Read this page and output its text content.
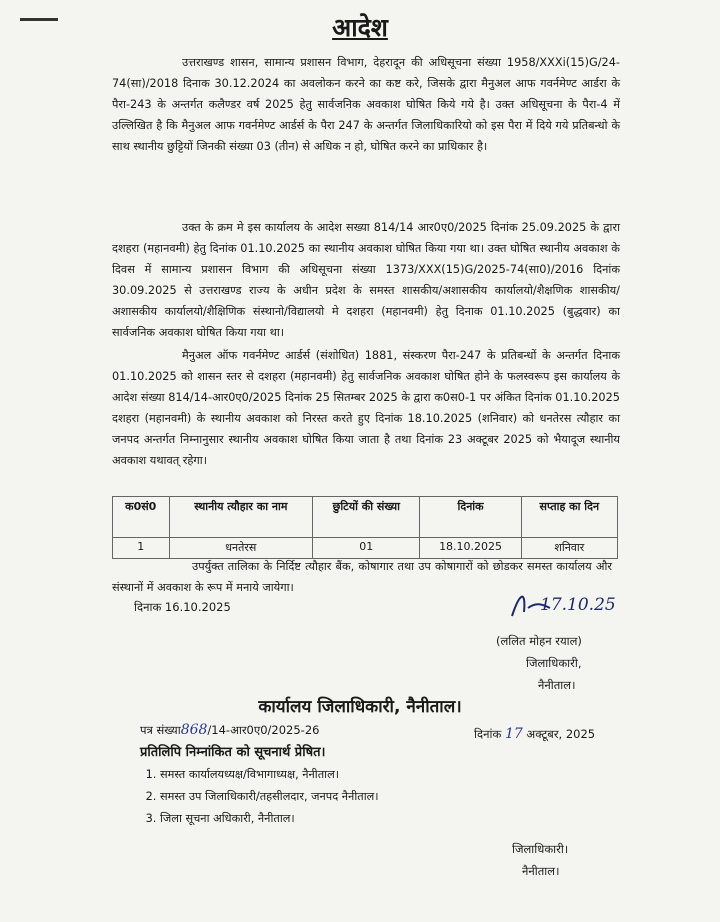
आदेश
उत्तराखण्ड शासन, सामान्य प्रशासन विभाग, देहरादून की अधिसूचना संख्या 1958/XXXi(15)G/24-74(सा)/2018 दिनाक 30.12.2024 का अवलोकन करने का कष्ट करे, जिसके द्वारा मैनुअल आफ गवर्नमेण्ट आर्डरा के पैरा-243 के अन्तर्गत कलैण्डर वर्ष 2025 हेतु सार्वजनिक अवकाश घोषित किये गये है। उक्त अधिसूचना के पैरा-4 में उल्लिखित है कि मैनुअल आफ गवर्नमेण्ट आर्डर्स के पैरा 247 के अन्तर्गत जिलाधिकारियो को इस पैरा में दिये गये प्रतिबन्धो के साथ स्थानीय छुट्टियों जिनकी संख्या 03 (तीन) से अधिक न हो, घोषित करने का प्राधिकार है।
उक्त के क्रम मे इस कार्यालय के आदेश सख्या 814/14 आर0ए0/2025 दिनांक 25.09.2025 के द्वारा दशहरा (महानवमी) हेतु दिनांक 01.10.2025 का स्थानीय अवकाश घोषित किया गया था। उक्त घोषित स्थानीय अवकाश के दिवस में सामान्य प्रशासन विभाग की अधिसूचना संख्या 1373/XXX(15)G/2025-74(सा0)/2016 दिनांक 30.09.2025 से उत्तराखण्ड राज्य के अधीन प्रदेश के समस्त शासकीय/अशासकीय कार्यालयो/शैक्षणिक शासकीय/अशासकीय कार्यालयो/शैक्षिणिक संस्थानो/विद्यालयो मे दशहरा (महानवमी) हेतु दिनाक 01.10.2025 (बुद्धवार) का सार्वजनिक अवकाश घोषित किया गया था।
मैनुअल ऑफ गवर्नमेण्ट आर्डर्स (संशोधित) 1881, संस्करण पैरा-247 के प्रतिबन्धों के अन्तर्गत दिनाक 01.10.2025 को शासन स्तर से दशहरा (महानवमी) हेतु सार्वजनिक अवकाश घोषित होने के फलस्वरूप इस कार्यालय के आदेश संख्या 814/14-आर0ए0/2025 दिनांक 25 सितम्बर 2025 के द्वारा क0स0-1 पर अंकित दिनांक 01.10.2025 दशहरा (महानवमी) के स्थानीय अवकाश को निरस्त करते हुए दिनांक 18.10.2025 (शनिवार) को धनतेरस त्यौहार का जनपद अन्तर्गत निम्नानुसार स्थानीय अवकाश घोषित किया जाता है तथा दिनांक 23 अक्टूबर 2025 को भैयादूज स्थानीय अवकाश यथावत् रहेगा।
क0सं0	स्थानीय त्यौहार का नाम	छुटियों की संख्या	दिनांक	सप्ताह का दिन
1	धनतेरस	01	18.10.2025	शनिवार
उपर्युक्त तालिका के निर्दिष्ट त्यौहार बैंक, कोषागार तथा उप कोषागारों को छोडकर समस्त कार्यालय और संस्थानों में अवकाश के रूप में मनाये जायेगा।
दिनाक 16.10.2025	17.10.25
(ललित मोहन रयाल)
जिलाधिकारी,
नैनीताल।
कार्यालय जिलाधिकारी, नैनीताल।
पत्र संख्या868/14-आर0ए0/2025-26	दिनांक 17 अक्टूबर, 2025
प्रतिलिपि निम्नांकित को सूचनार्थ प्रेषित।
1. समस्त कार्यालयध्यक्ष/विभागाध्यक्ष, नैनीताल।
2. समस्त उप जिलाधिकारी/तहसीलदार, जनपद नैनीताल।
3. जिला सूचना अधिकारी, नैनीताल।
जिलाधिकारी।
नैनीताल।
